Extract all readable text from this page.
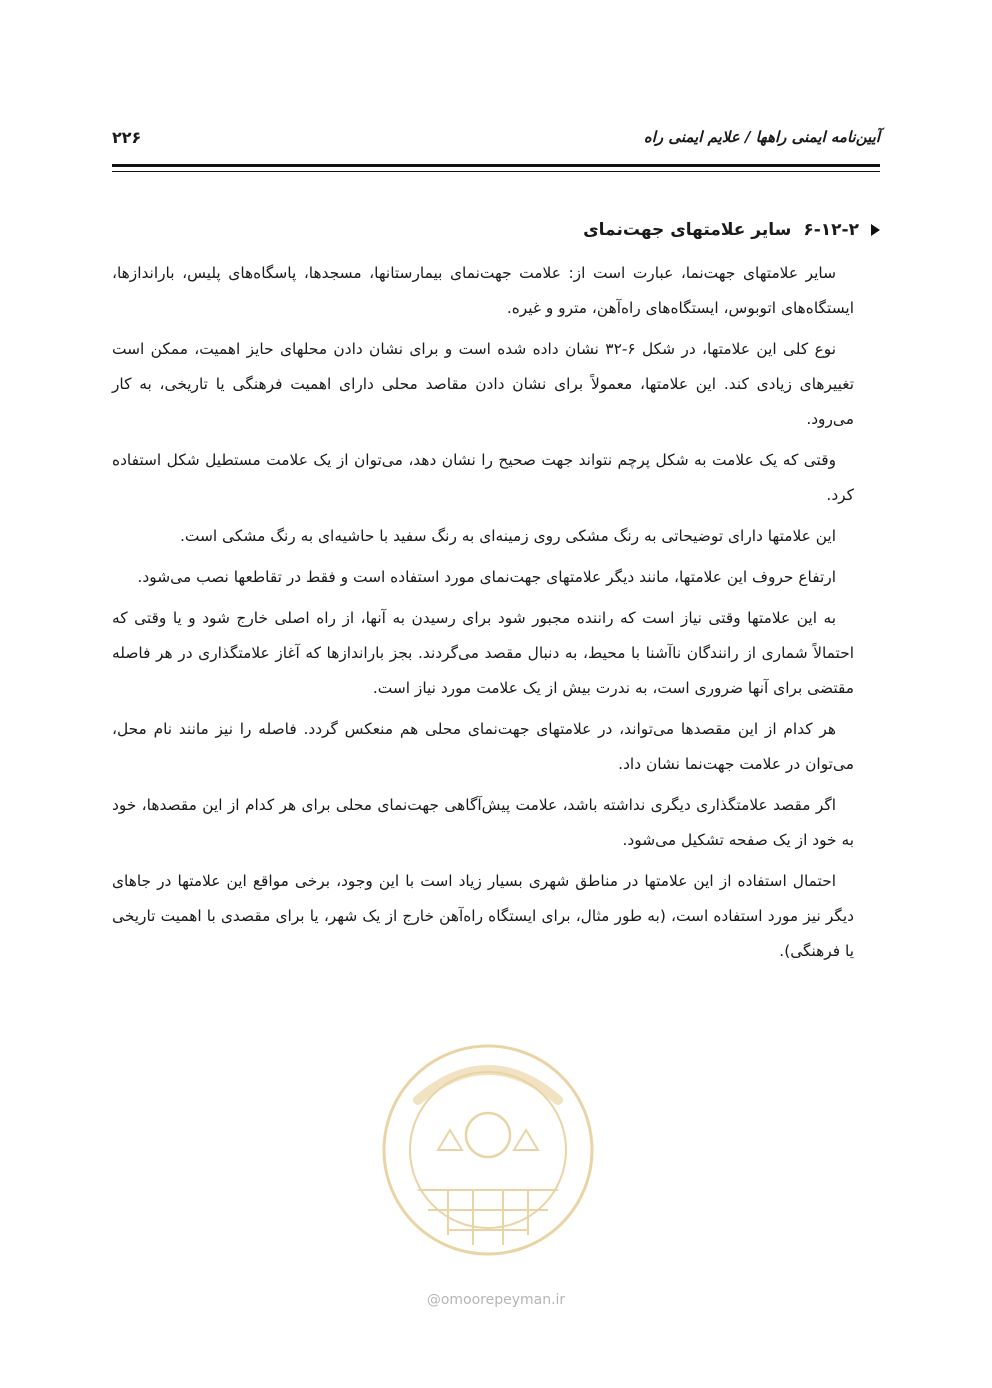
آیین‌نامه ایمنی راهها / علایم ایمنی راه
۲۲۶
۶-۱۲-۲
سایر علامتهای جهت‌نمای

سایر علامتهای جهت‌نما، عبارت است از: علامت جهت‌نمای بیمارستانها، مسجدها، پاسگاه‌های پلیس، باراندازها، ایستگاه‌های اتوبوس، ایستگاه‌های راه‌آهن، مترو و غیره.

نوع کلی این علامتها، در شکل ۶-۳۲ نشان داده شده است و برای نشان دادن محلهای حایز اهمیت، ممکن است تغییرهای زیادی کند. این علامتها، معمولاً برای نشان دادن مقاصد محلی دارای اهمیت فرهنگی یا تاریخی، به کار می‌رود.

وقتی که یک علامت به شکل پرچم نتواند جهت صحیح را نشان دهد، می‌توان از یک علامت مستطیل شکل استفاده کرد.

این علامتها دارای توضیحاتی به رنگ مشکی روی زمینه‌ای به رنگ سفید با حاشیه‌ای به رنگ مشکی است.

ارتفاع حروف این علامتها، مانند دیگر علامتهای جهت‌نمای مورد استفاده است و فقط در تقاطعها نصب می‌شود.

به این علامتها وقتی نیاز است که راننده مجبور شود برای رسیدن به آنها، از راه اصلی خارج شود و یا وقتی که احتمالاً شماری از رانندگان ناآشنا با محیط، به دنبال مقصد می‌گردند. بجز باراندازها که آغاز علامتگذاری در هر فاصله مقتضی برای آنها ضروری است، به ندرت بیش از یک علامت مورد نیاز است.

هر کدام از این مقصدها می‌تواند، در علامتهای جهت‌نمای محلی هم منعکس گردد. فاصله را نیز مانند نام محل، می‌توان در علامت جهت‌نما نشان داد.

اگر مقصد علامتگذاری دیگری نداشته باشد، علامت پیش‌آگاهی جهت‌نمای محلی برای هر کدام از این مقصدها، خود به خود از یک صفحه تشکیل می‌شود.

احتمال استفاده از این علامتها در مناطق شهری بسیار زیاد است با این وجود، برخی مواقع این علامتها در جاهای دیگر نیز مورد استفاده است، (به طور مثال، برای ایستگاه راه‌آهن خارج از یک شهر، یا برای مقصدی با اهمیت تاریخی یا فرهنگی).

@omoorepeyman.ir
